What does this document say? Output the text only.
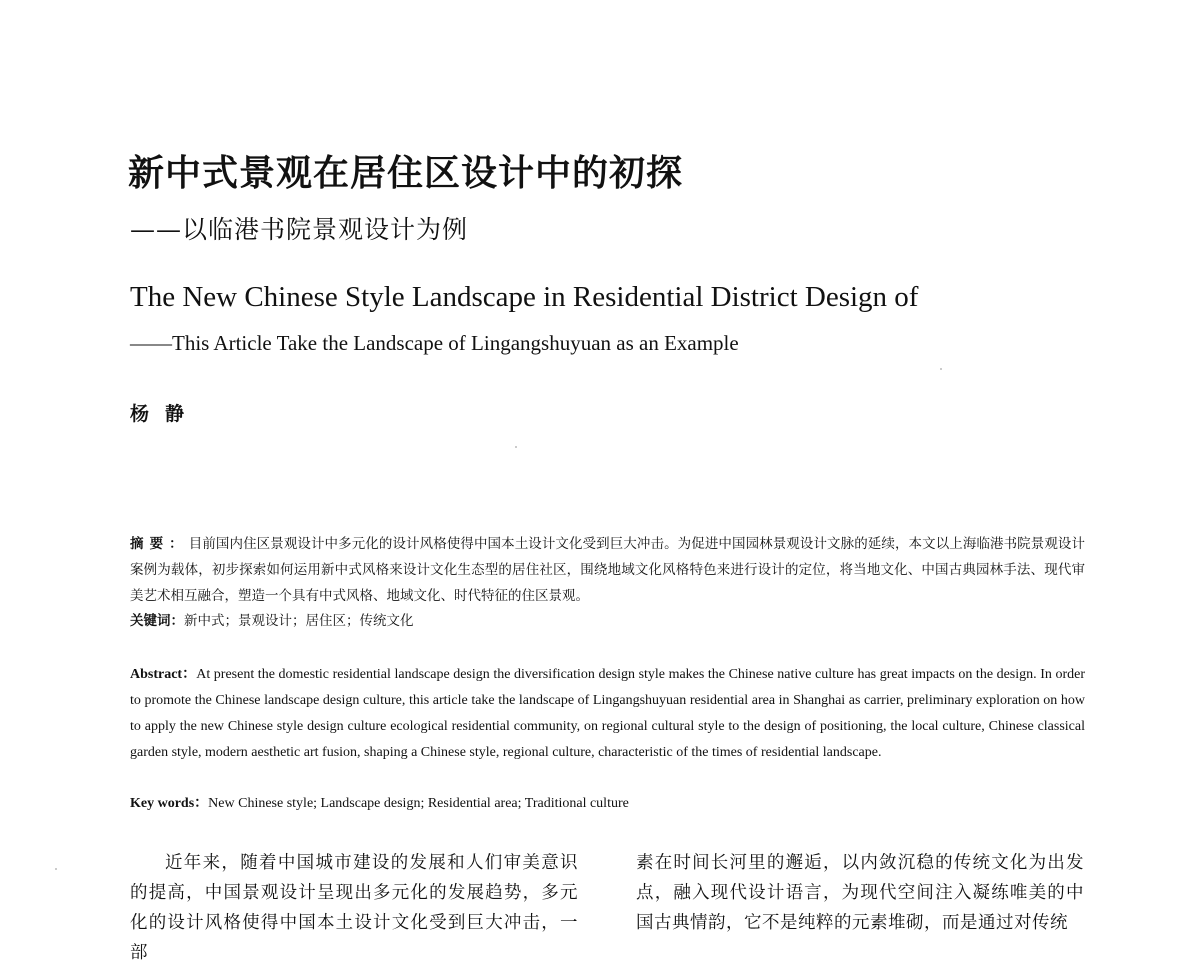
新中式景观在居住区设计中的初探
——以临港书院景观设计为例
The New Chinese Style Landscape in Residential District Design of
——This Article Take the Landscape of Lingangshuyuan as an Example
杨静
摘要：目前国内住区景观设计中多元化的设计风格使得中国本土设计文化受到巨大冲击。为促进中国园林景观设计文脉的延续，本文以上海临港书院景观设计案例为载体，初步探索如何运用新中式风格来设计文化生态型的居住社区，围绕地域文化风格特色来进行设计的定位，将当地文化、中国古典园林手法、现代审美艺术相互融合，塑造一个具有中式风格、地域文化、时代特征的住区景观。
关键词：新中式；景观设计；居住区；传统文化
Abstract：At present the domestic residential landscape design the diversification design style makes the Chinese native culture has great impacts on the design. In order to promote the Chinese landscape design culture, this article take the landscape of Lingangshuyuan residential area in Shanghai as carrier, preliminary exploration on how to apply the new Chinese style design culture ecological residential community, on regional cultural style to the design of positioning, the local culture, Chinese classical garden style, modern aesthetic art fusion, shaping a Chinese style, regional culture, characteristic of the times of residential landscape.
Key words：New Chinese style; Landscape design; Residential area; Traditional culture
近年来，随着中国城市建设的发展和人们审美意识的提高，中国景观设计呈现出多元化的发展趋势，多元化的设计风格使得中国本土设计文化受到巨大冲击，一部
素在时间长河里的邂逅，以内敛沉稳的传统文化为出发点，融入现代设计语言，为现代空间注入凝练唯美的中国古典情韵，它不是纯粹的元素堆砌，而是通过对传统
